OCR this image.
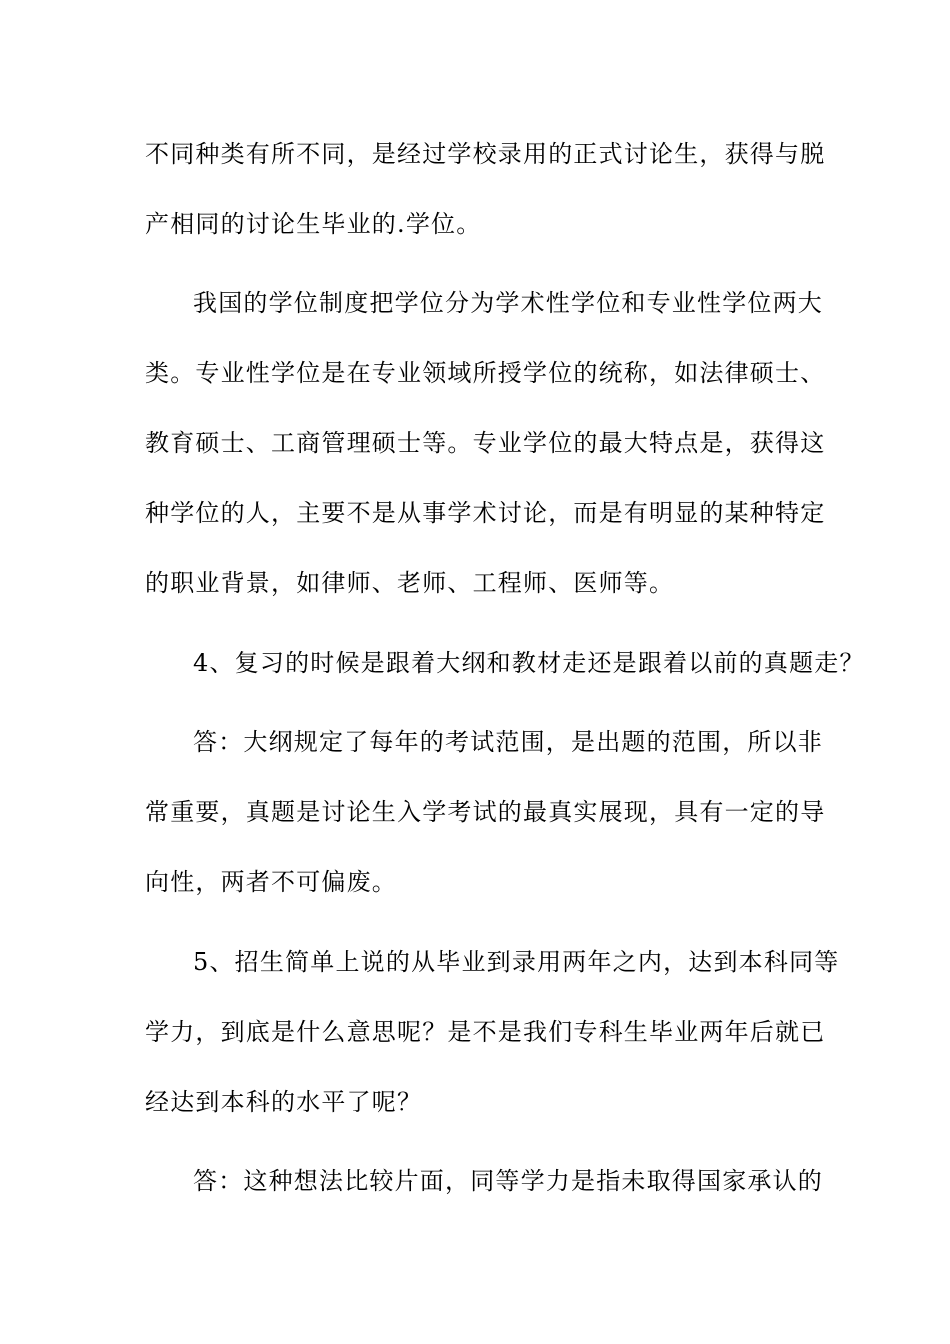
不同种类有所不同，是经过学校录用的正式讨论生，获得与脱
产相同的讨论生毕业的.学位。
我国的学位制度把学位分为学术性学位和专业性学位两大
类。专业性学位是在专业领域所授学位的统称，如法律硕士、
教育硕士、工商管理硕士等。专业学位的最大特点是，获得这
种学位的人，主要不是从事学术讨论，而是有明显的某种特定
的职业背景，如律师、老师、工程师、医师等。
4、复习的时候是跟着大纲和教材走还是跟着以前的真题走？
答：大纲规定了每年的考试范围，是出题的范围，所以非
常重要，真题是讨论生入学考试的最真实展现，具有一定的导
向性，两者不可偏废。
5、招生简单上说的从毕业到录用两年之内，达到本科同等
学力，到底是什么意思呢？是不是我们专科生毕业两年后就已
经达到本科的水平了呢？
答：这种想法比较片面，同等学力是指未取得国家承认的
